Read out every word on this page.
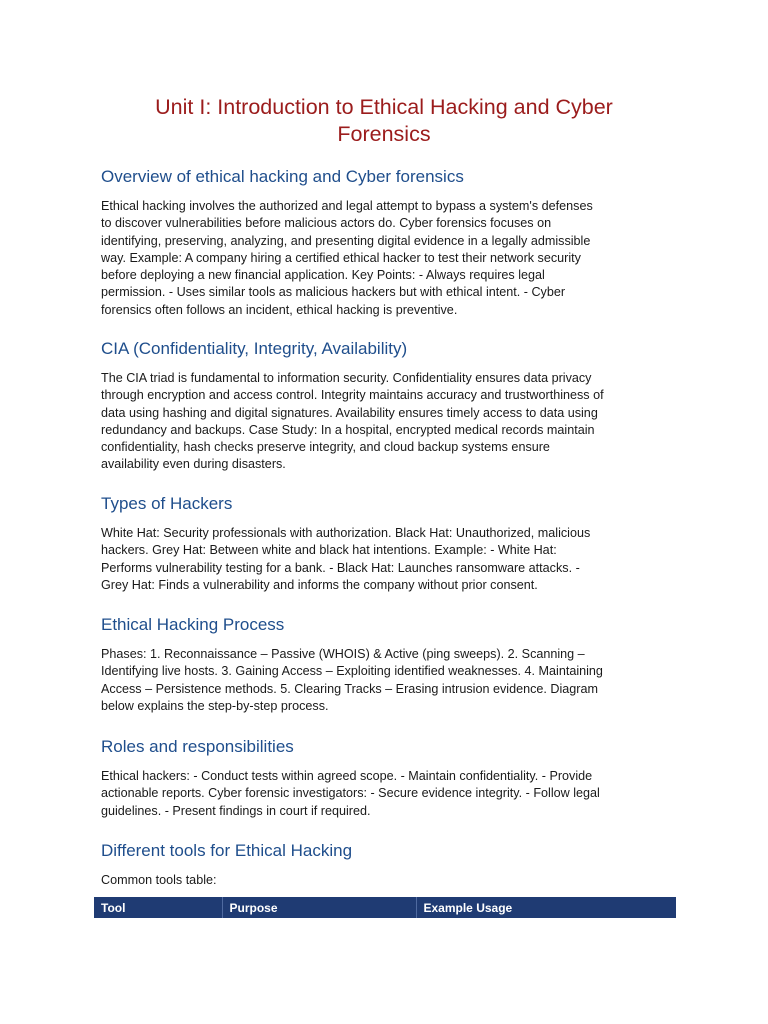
Unit I: Introduction to Ethical Hacking and Cyber
Forensics
Overview of ethical hacking and Cyber forensics

Ethical hacking involves the authorized and legal attempt to bypass a system's defenses
to discover vulnerabilities before malicious actors do. Cyber forensics focuses on
identifying, preserving, analyzing, and presenting digital evidence in a legally admissible
way. Example: A company hiring a certified ethical hacker to test their network security
before deploying a new financial application. Key Points: - Always requires legal
permission. - Uses similar tools as malicious hackers but with ethical intent. - Cyber
forensics often follows an incident, ethical hacking is preventive.

CIA (Confidentiality, Integrity, Availability)

The CIA triad is fundamental to information security. Confidentiality ensures data privacy
through encryption and access control. Integrity maintains accuracy and trustworthiness of
data using hashing and digital signatures. Availability ensures timely access to data using
redundancy and backups. Case Study: In a hospital, encrypted medical records maintain
confidentiality, hash checks preserve integrity, and cloud backup systems ensure
availability even during disasters.

Types of Hackers

White Hat: Security professionals with authorization. Black Hat: Unauthorized, malicious
hackers. Grey Hat: Between white and black hat intentions. Example: - White Hat:
Performs vulnerability testing for a bank. - Black Hat: Launches ransomware attacks. -
Grey Hat: Finds a vulnerability and informs the company without prior consent.

Ethical Hacking Process

Phases: 1. Reconnaissance – Passive (WHOIS) & Active (ping sweeps). 2. Scanning –
Identifying live hosts. 3. Gaining Access – Exploiting identified weaknesses. 4. Maintaining
Access – Persistence methods. 5. Clearing Tracks – Erasing intrusion evidence. Diagram
below explains the step-by-step process.

Roles and responsibilities

Ethical hackers: - Conduct tests within agreed scope. - Maintain confidentiality. - Provide
actionable reports. Cyber forensic investigators: - Secure evidence integrity. - Follow legal
guidelines. - Present findings in court if required.

Different tools for Ethical Hacking

Common tools table:

Tool	Purpose	Example Usage
